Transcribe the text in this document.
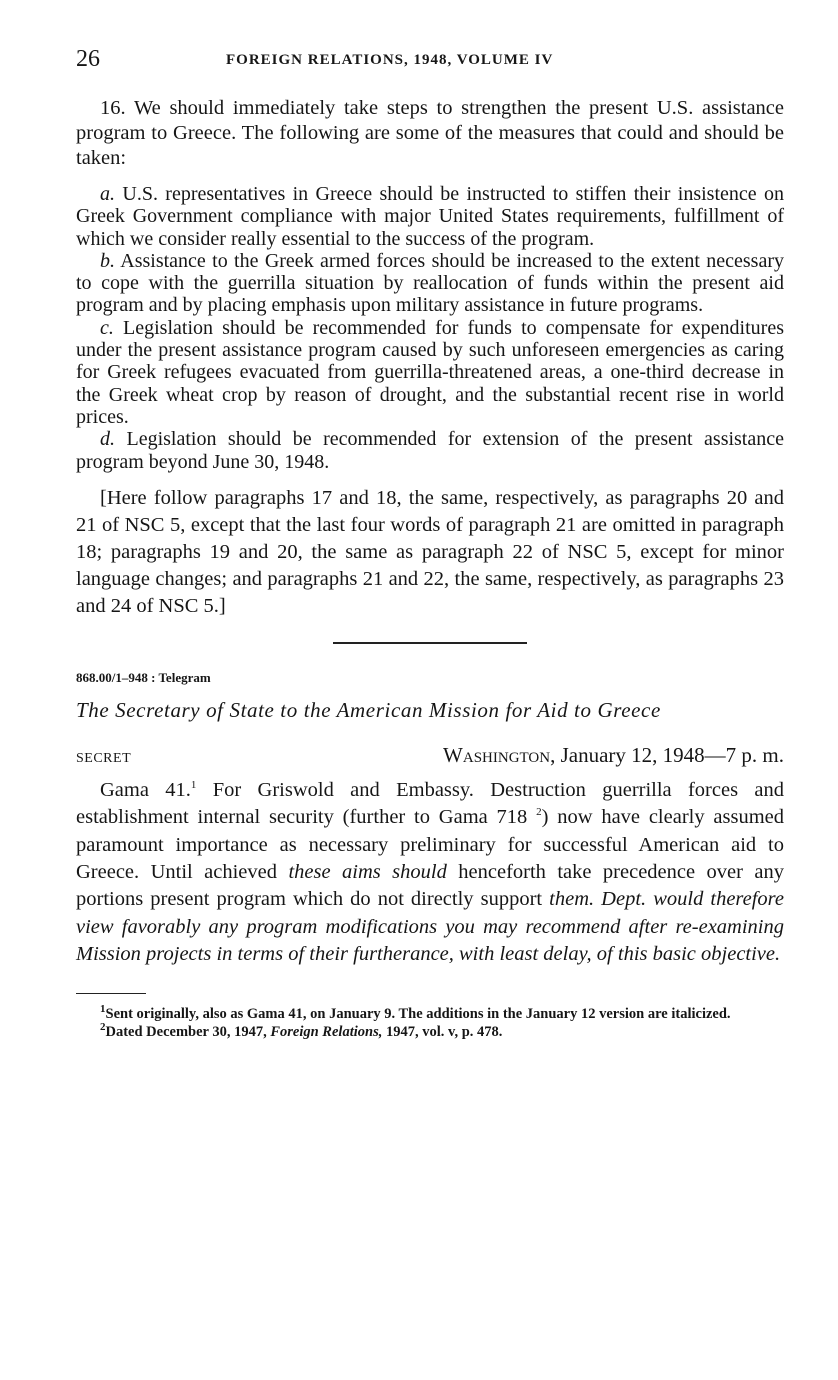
26	FOREIGN RELATIONS, 1948, VOLUME IV

16. We should immediately take steps to strengthen the present U.S. assistance program to Greece. The following are some of the measures that could and should be taken:

a. U.S. representatives in Greece should be instructed to stiffen their insistence on Greek Government compliance with major United States requirements, fulfillment of which we consider really essential to the success of the program.

b. Assistance to the Greek armed forces should be increased to the extent necessary to cope with the guerrilla situation by reallocation of funds within the present aid program and by placing emphasis upon military assistance in future programs.

c. Legislation should be recommended for funds to compensate for expenditures under the present assistance program caused by such unforeseen emergencies as caring for Greek refugees evacuated from guerrilla-threatened areas, a one-third decrease in the Greek wheat crop by reason of drought, and the substantial recent rise in world prices.

d. Legislation should be recommended for extension of the present assistance program beyond June 30, 1948.

[Here follow paragraphs 17 and 18, the same, respectively, as paragraphs 20 and 21 of NSC 5, except that the last four words of paragraph 21 are omitted in paragraph 18; paragraphs 19 and 20, the same as paragraph 22 of NSC 5, except for minor language changes; and paragraphs 21 and 22, the same, respectively, as paragraphs 23 and 24 of NSC 5.]

868.00/1–948 : Telegram
The Secretary of State to the American Mission for Aid to Greece
SECRET	Washington, January 12, 1948—7 p. m.

Gama 41.$^1$ For Griswold and Embassy. Destruction guerrilla forces and establishment internal security (further to Gama 718 $^2$) now have clearly assumed paramount importance as necessary preliminary for successful American aid to Greece. Until achieved these aims should henceforth take precedence over any portions present program which do not directly support them. Dept. would therefore view favorably any program modifications you may recommend after re-examining Mission projects in terms of their furtherance, with least delay, of this basic objective.

$^1$Sent originally, also as Gama 41, on January 9. The additions in the January 12 version are italicized.

$^2$Dated December 30, 1947, Foreign Relations, 1947, vol. v, p. 478.
